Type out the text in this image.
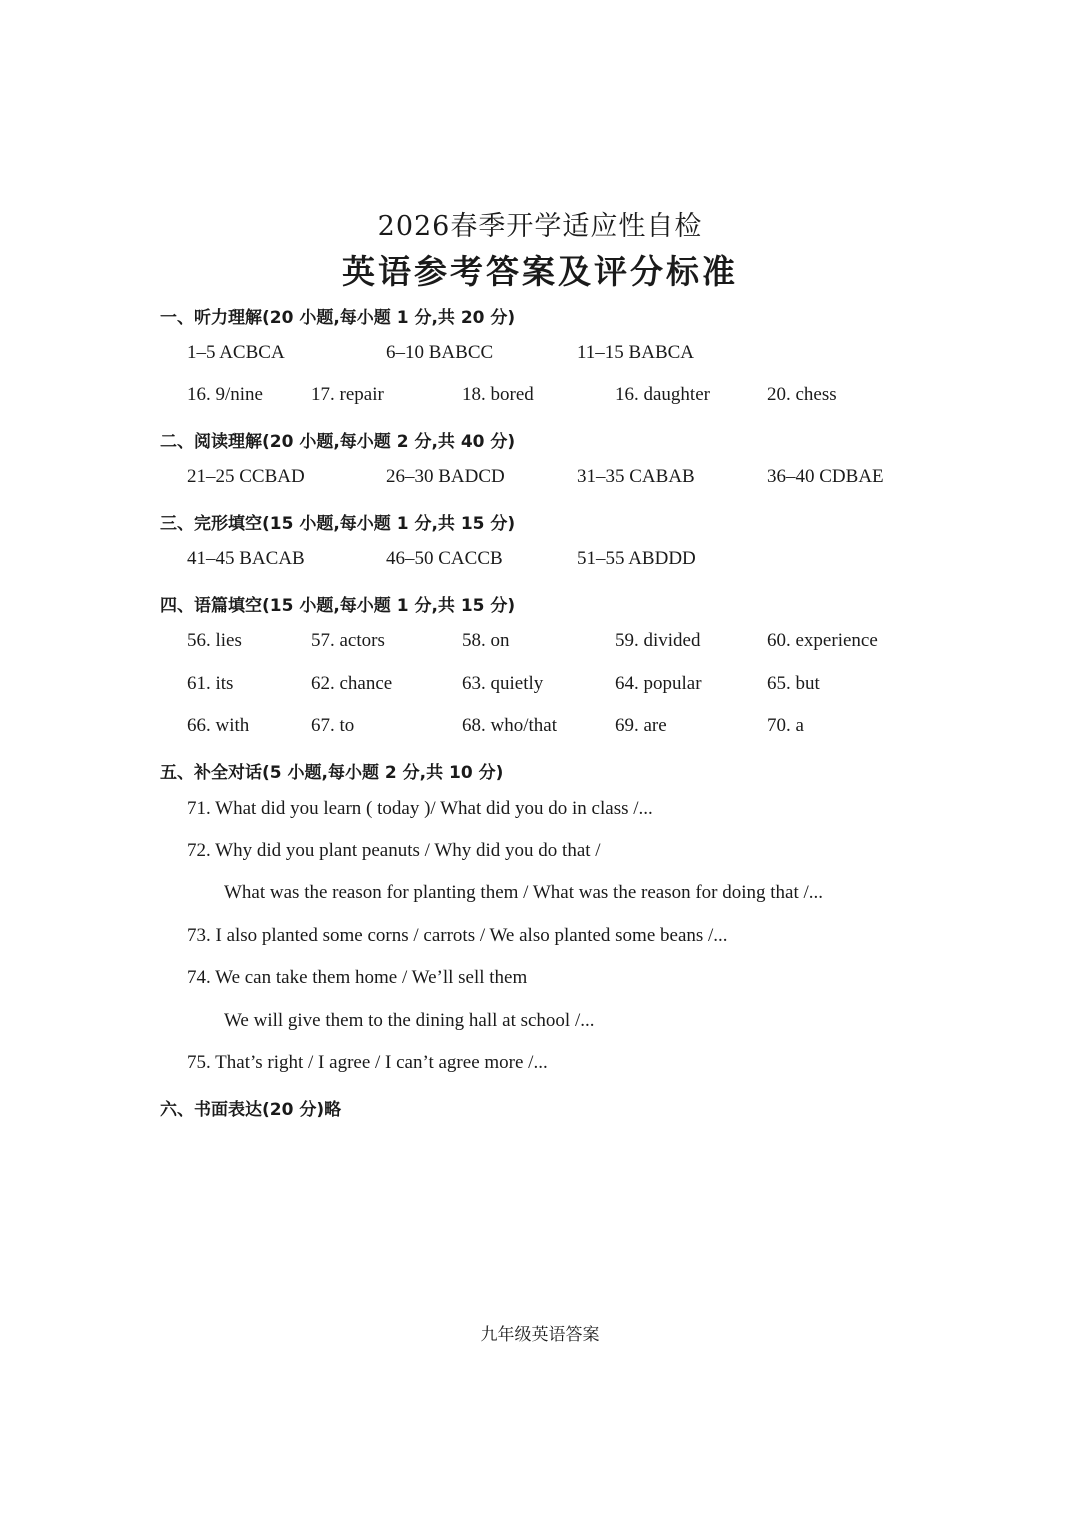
2026春季开学适应性自检
英语参考答案及评分标准
一、听力理解(20 小题,每小题 1 分,共 20 分)
1–5 ACBCA	6–10 BABCC	11–15 BABCA
16. 9/nine	17. repair	18. bored	16. daughter	20. chess
二、阅读理解(20 小题,每小题 2 分,共 40 分)
21–25 CCBAD	26–30 BADCD	31–35 CABAB	36–40 CDBAE
三、完形填空(15 小题,每小题 1 分,共 15 分)
41–45 BACAB	46–50 CACCB	51–55 ABDDD
四、语篇填空(15 小题,每小题 1 分,共 15 分)
56. lies	57. actors	58. on	59. divided	60. experience
61. its	62. chance	63. quietly	64. popular	65. but
66. with	67. to	68. who/that	69. are	70. a
五、补全对话(5 小题,每小题 2 分,共 10 分)
71. What did you learn ( today )/ What did you do in class /...
72. Why did you plant peanuts / Why did you do that /
What was the reason for planting them / What was the reason for doing that /...
73. I also planted some corns / carrots / We also planted some beans /...
74. We can take them home / We’ll sell them
We will give them to the dining hall at school /...
75. That’s right / I agree / I can’t agree more /...
六、书面表达(20 分)略
九年级英语答案
